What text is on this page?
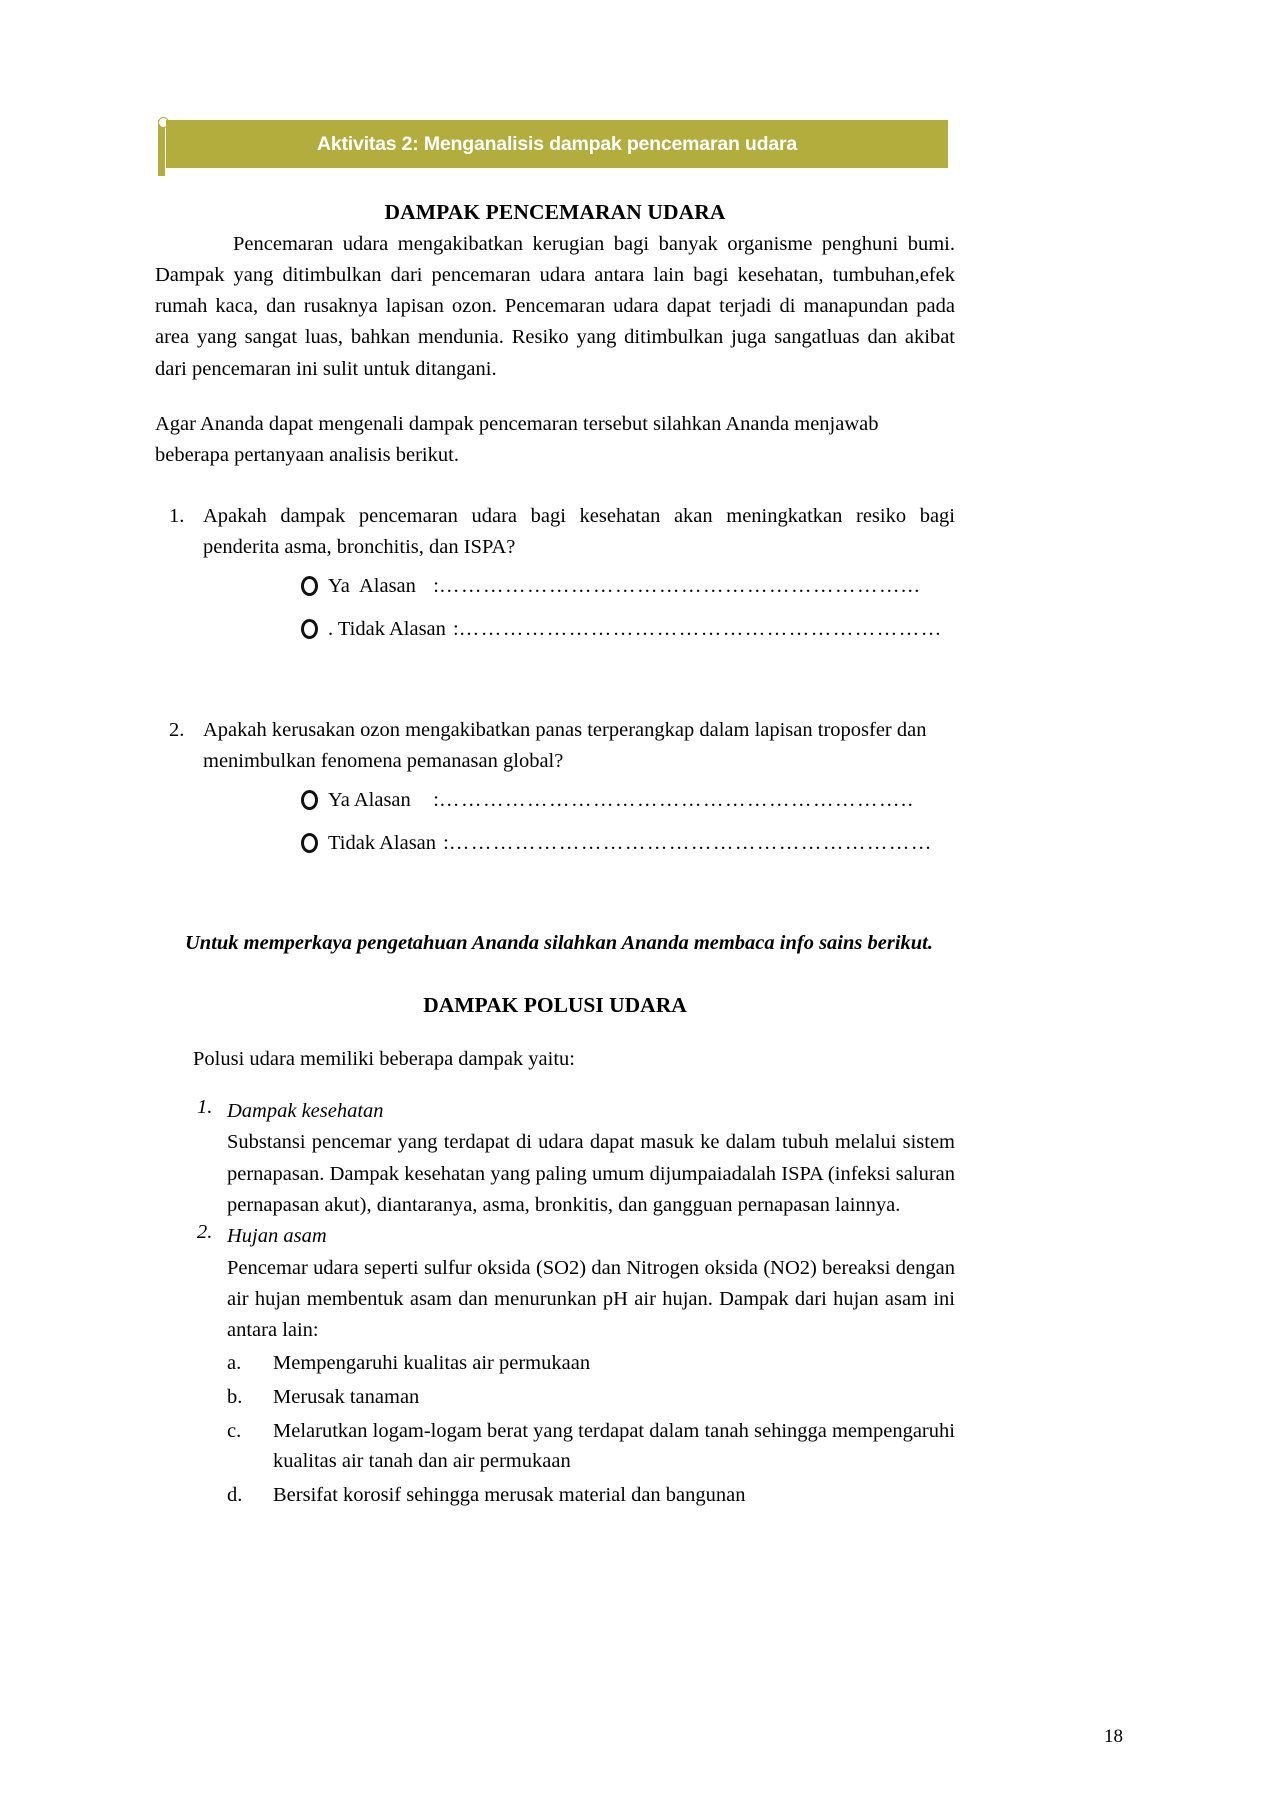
Aktivitas 2: Menganalisis dampak pencemaran udara
DAMPAK PENCEMARAN UDARA

Pencemaran udara mengakibatkan kerugian bagi banyak organisme penghuni bumi. Dampak yang ditimbulkan dari pencemaran udara antara lain bagi kesehatan, tumbuhan,efek rumah kaca, dan rusaknya lapisan ozon. Pencemaran udara dapat terjadi di manapundan pada area yang sangat luas, bahkan mendunia. Resiko yang ditimbulkan juga sangatluas dan akibat dari pencemaran ini sulit untuk ditangani.

Agar Ananda dapat mengenali dampak pencemaran tersebut silahkan Ananda menjawab beberapa pertanyaan analisis berikut.

1. Apakah dampak pencemaran udara bagi kesehatan akan meningkatkan resiko bagi penderita asma, bronchitis, dan ISPA?
Ya  Alasan : ………………………………………………………...
. Tidak Alasan : …………………………………………………………
2. Apakah kerusakan ozon mengakibatkan panas terperangkap dalam lapisan troposfer dan menimbulkan fenomena pemanasan global?
Ya Alasan : ………………………………………………………..
Tidak Alasan : …………………………………………………………

Untuk memperkaya pengetahuan Ananda silahkan Ananda membaca info sains berikut.

DAMPAK POLUSI UDARA

Polusi udara memiliki beberapa dampak yaitu:

1. Dampak kesehatan
Substansi pencemar yang terdapat di udara dapat masuk ke dalam tubuh melalui sistem pernapasan. Dampak kesehatan yang paling umum dijumpaiadalah ISPA (infeksi saluran pernapasan akut), diantaranya, asma, bronkitis, dan gangguan pernapasan lainnya.
2. Hujan asam
Pencemar udara seperti sulfur oksida (SO2) dan Nitrogen oksida (NO2) bereaksi dengan air hujan membentuk asam dan menurunkan pH air hujan. Dampak dari hujan asam ini antara lain:
a. Mempengaruhi kualitas air permukaan
b. Merusak tanaman
c. Melarutkan logam-logam berat yang terdapat dalam tanah sehingga mempengaruhi kualitas air tanah dan air permukaan
d. Bersifat korosif sehingga merusak material dan bangunan
18
